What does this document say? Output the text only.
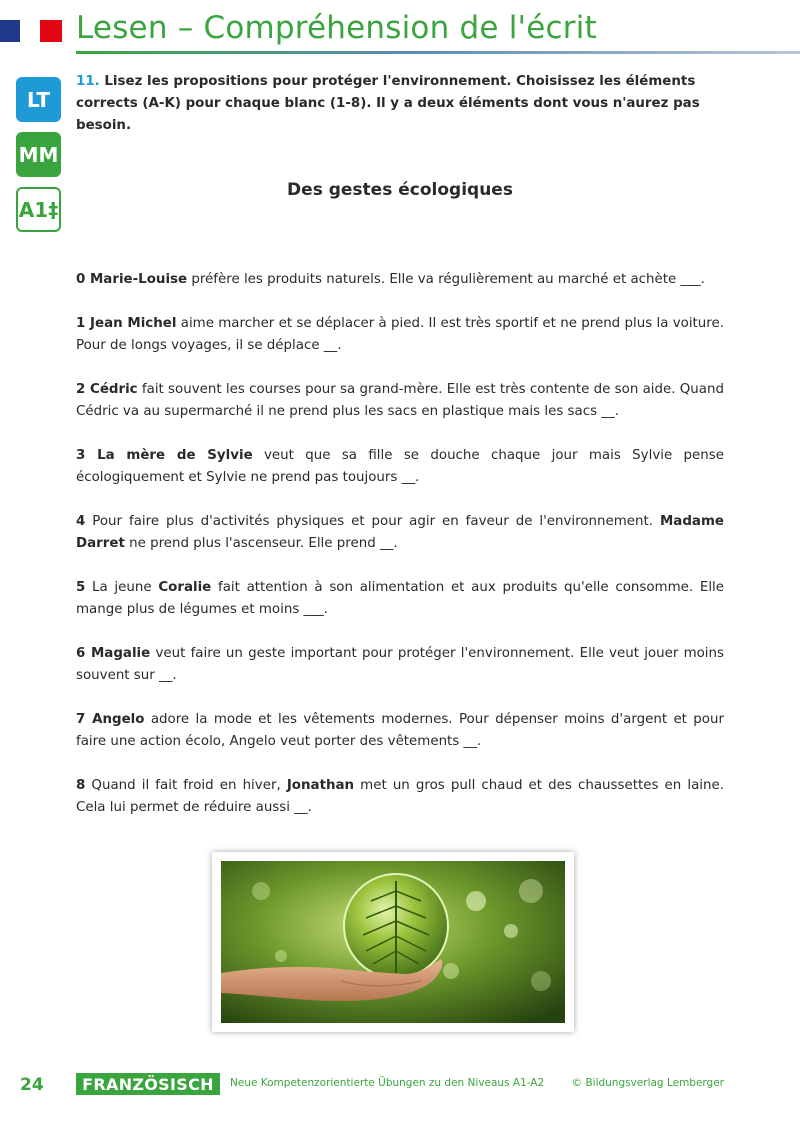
Lesen – Compréhension de l'écrit
LT
MM
A1‡
11. Lisez les propositions pour protéger l'environnement. Choisissez les éléments corrects (A-K) pour chaque blanc (1-8). Il y a deux éléments dont vous n'aurez pas besoin.
Des gestes écologiques
0 Marie-Louise préfère les produits naturels. Elle va régulièrement au marché et achète ___.
1 Jean Michel aime marcher et se déplacer à pied. Il est très sportif et ne prend plus la voiture. Pour de longs voyages, il se déplace __.
2 Cédric fait souvent les courses pour sa grand-mère. Elle est très contente de son aide. Quand Cédric va au supermarché il ne prend plus les sacs en plastique mais les sacs __.
3 La mère de Sylvie veut que sa fille se douche chaque jour mais Sylvie pense écologiquement et Sylvie ne prend pas toujours __.
4 Pour faire plus d'activités physiques et pour agir en faveur de l'environnement. Madame Darret ne prend plus l'ascenseur. Elle prend __.
5 La jeune Coralie fait attention à son alimentation et aux produits qu'elle consomme. Elle mange plus de légumes et moins ___.
6 Magalie veut faire un geste important pour protéger l'environnement. Elle veut jouer moins souvent sur __.
7 Angelo adore la mode et les vêtements modernes. Pour dépenser moins d'argent et pour faire une action écolo, Angelo veut porter des vêtements __.
8 Quand il fait froid en hiver, Jonathan met un gros pull chaud et des chaussettes en laine. Cela lui permet de réduire aussi __.
24	FRANZÖSISCH	Neue Kompetenzorientierte Übungen zu den Niveaus A1-A2	© Bildungsverlag Lemberger
